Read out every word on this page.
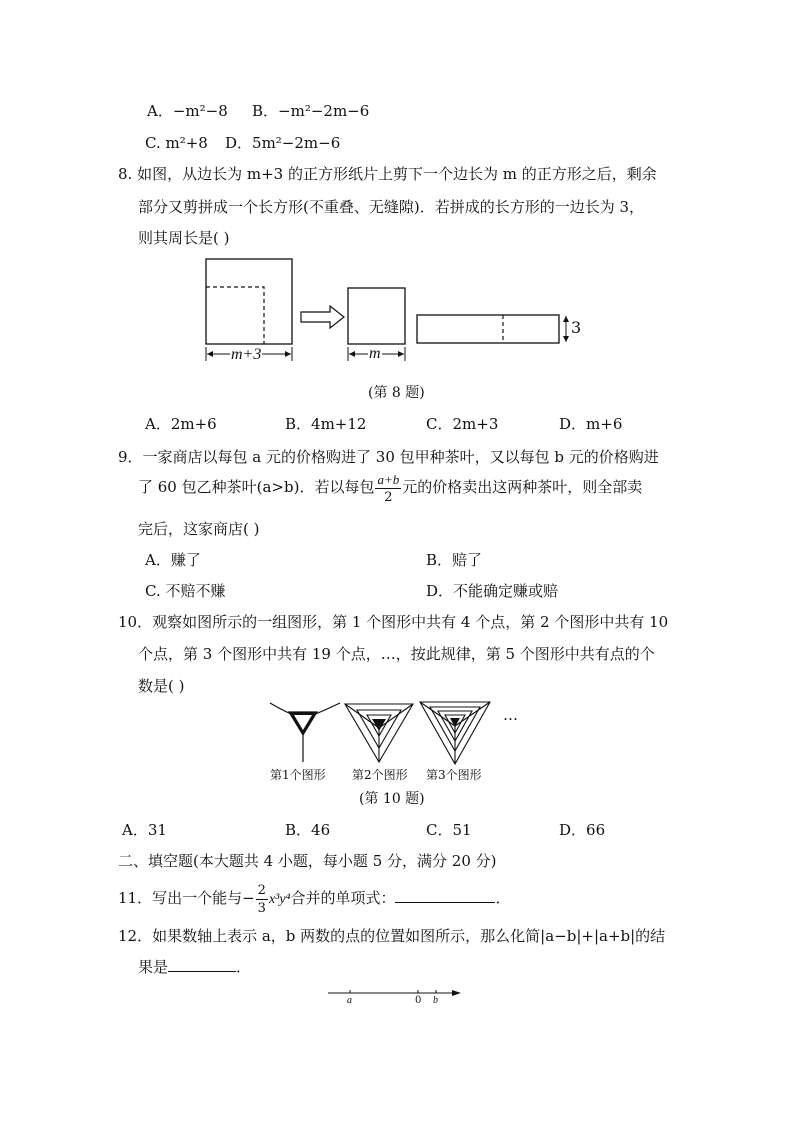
A．−m²−8 B．−m²−2m−6
C. m²+8 D．5m²−2m−6
8. 如图，从边长为 m+3 的正方形纸片上剪下一个边长为 m 的正方形之后，剩余
部分又剪拼成一个长方形(不重叠、无缝隙)．若拼成的长方形的一边长为 3，
则其周长是( )
m+3	m
3
(第 8 题)
A．2m+6	B．4m+12	C．2m+3	D．m+6
9．一家商店以每包 a 元的价格购进了 30 包甲种茶叶，又以每包 b 元的价格购进
了 60 包乙种茶叶(a>b)．若以每包 $\frac{a+b}{2}$ 元的价格卖出这两种茶叶，则全部卖
完后，这家商店( )
A．赚了	B．赔了
C. 不赔不赚	D．不能确定赚或赔
10．观察如图所示的一组图形，第 1 个图形中共有 4 个点，第 2 个图形中共有 10
个点，第 3 个图形中共有 19 个点，…，按此规律，第 5 个图形中共有点的个
数是( )
…
第1个图形 第2个图形 第3个图形
(第 10 题)
A．31	B．46	C．51	D．66
二、填空题(本大题共 4 小题，每小题 5 分，满分 20 分)
11．写出一个能与− $\frac{2}{3} x^3y^4$合并的单项式：	．
12．如果数轴上表示 a，b 两数的点的位置如图所示，那么化简|a−b|+|a+b|的结
果是	．
a	0 b
